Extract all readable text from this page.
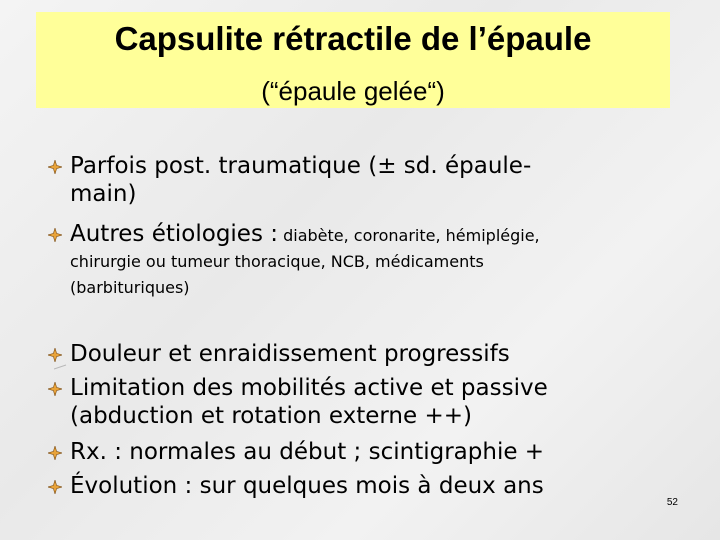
Capsulite rétractile de l’épaule

(“épaule gelée“)

Parfois post. traumatique (± sd. épaule-
main)
Autres étiologies : diabète, coronarite, hémiplégie,
chirurgie ou tumeur thoracique, NCB, médicaments
(barbituriques)
Douleur et enraidissement progressifs
Limitation des mobilités active et passive
(abduction et rotation externe ++)
Rx. : normales au début ; scintigraphie +
Évolution : sur quelques mois à deux ans
52
